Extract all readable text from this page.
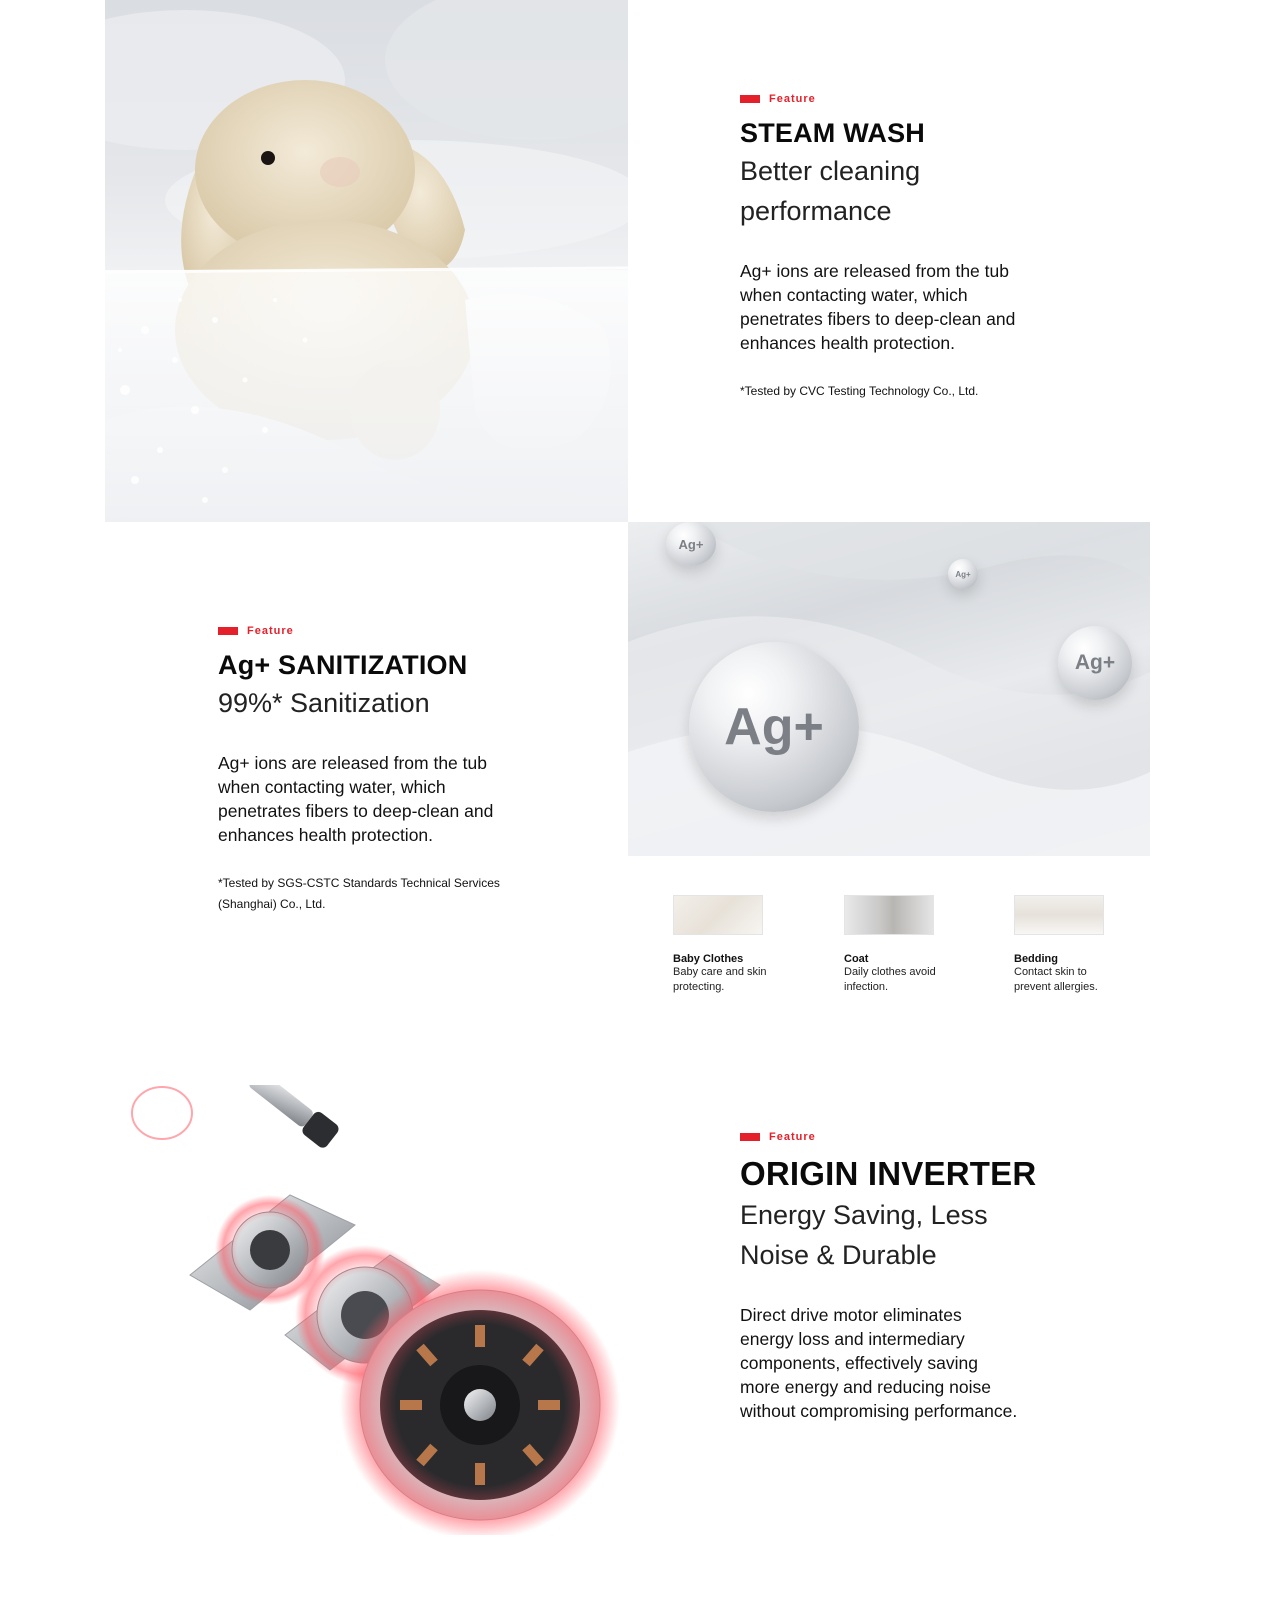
Feature
STEAM WASH
Better cleaning performance
Ag+ ions are released from the tub when contacting water, which penetrates fibers to deep-clean and enhances health protection.
*Tested by CVC Testing Technology Co., Ltd.
Feature
Ag+ SANITIZATION
99%* Sanitization
Ag+ ions are released from the tub when contacting water, which penetrates fibers to deep-clean and enhances health protection.
*Tested by SGS-CSTC Standards Technical Services (Shanghai) Co., Ltd.
Ag+
Ag+
Ag+
Ag+
Baby Clothes
Baby care and skin protecting.
Coat
Daily clothes avoid infection.
Bedding
Contact skin to prevent allergies.
Feature
ORIGIN INVERTER
Energy Saving, Less Noise & Durable
Direct drive motor eliminates energy loss and intermediary components, effectively saving more energy and reducing noise without compromising performance.
